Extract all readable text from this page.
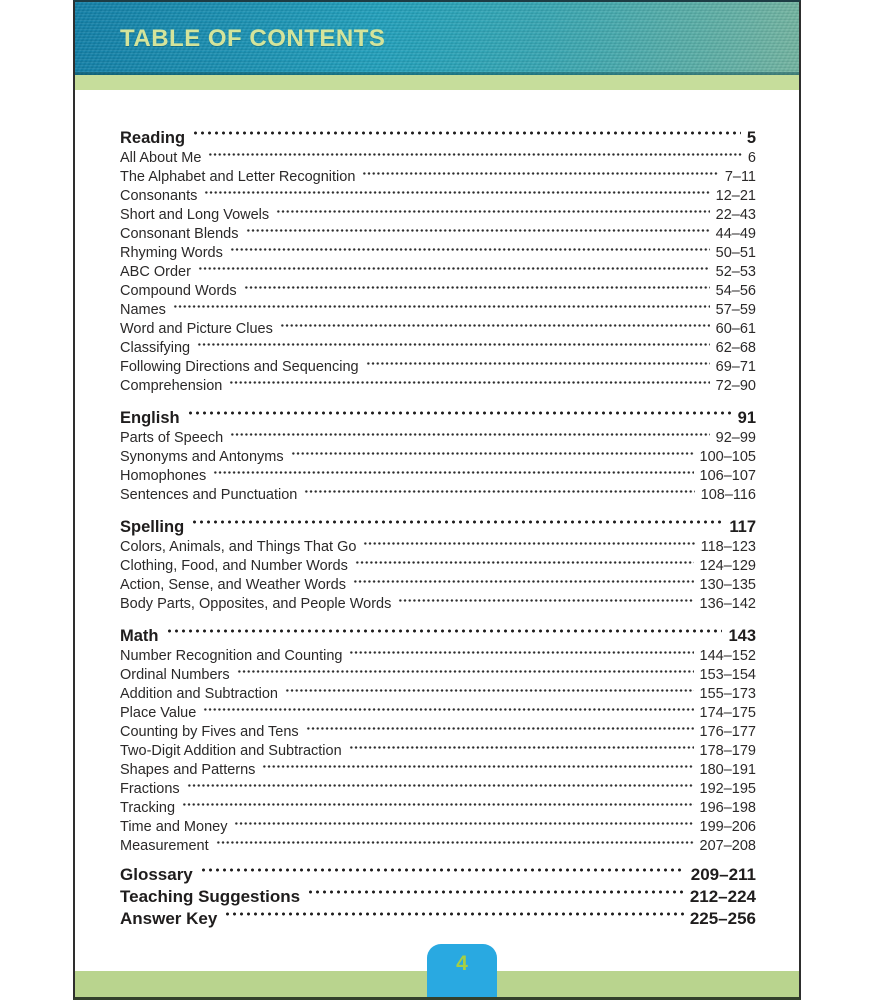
TABLE OF CONTENTS
Reading	5
All About Me	6
The Alphabet and Letter Recognition	7–11
Consonants	12–21
Short and Long Vowels	22–43
Consonant Blends	44–49
Rhyming Words	50–51
ABC Order	52–53
Compound Words	54–56
Names	57–59
Word and Picture Clues	60–61
Classifying	62–68
Following Directions and Sequencing	69–71
Comprehension	72–90
English	91
Parts of Speech	92–99
Synonyms and Antonyms	100–105
Homophones	106–107
Sentences and Punctuation	108–116
Spelling	117
Colors, Animals, and Things That Go	118–123
Clothing, Food, and Number Words	124–129
Action, Sense, and Weather Words	130–135
Body Parts, Opposites, and People Words	136–142
Math	143
Number Recognition and Counting	144–152
Ordinal Numbers	153–154
Addition and Subtraction	155–173
Place Value	174–175
Counting by Fives and Tens	176–177
Two-Digit Addition and Subtraction	178–179
Shapes and Patterns	180–191
Fractions	192–195
Tracking	196–198
Time and Money	199–206
Measurement	207–208
Glossary	209–211
Teaching Suggestions	212–224
Answer Key	225–256
4
